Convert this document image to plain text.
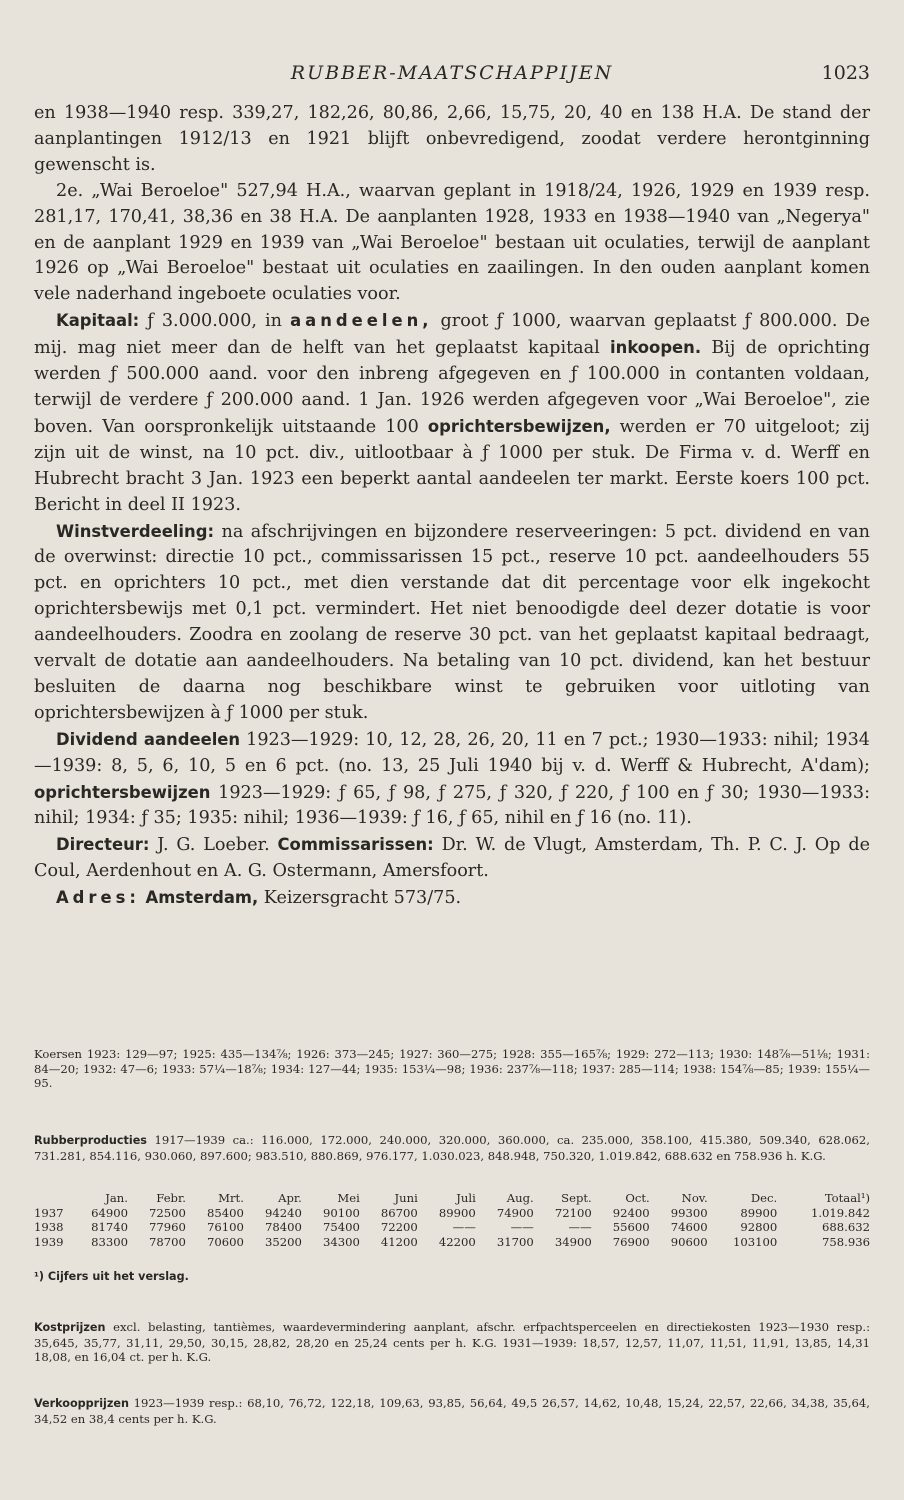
RUBBER-MAATSCHAPPIJEN	1023

en 1938—1940 resp. 339,27, 182,26, 80,86, 2,66, 15,75, 20, 40 en 138 H.A. De stand der aanplantingen 1912/13 en 1921 blijft onbevredigend, zoodat verdere herontginning gewenscht is.

2e. „Wai Beroeloe" 527,94 H.A., waarvan geplant in 1918/24, 1926, 1929 en 1939 resp. 281,17, 170,41, 38,36 en 38 H.A. De aanplanten 1928, 1933 en 1938—1940 van „Negerya" en de aanplant 1929 en 1939 van „Wai Beroeloe" bestaan uit oculaties, terwijl de aanplant 1926 op „Wai Beroeloe" bestaat uit oculaties en zaailingen. In den ouden aanplant komen vele naderhand ingeboete oculaties voor.

Kapitaal: ƒ 3.000.000, in aandeelen, groot ƒ 1000, waarvan geplaatst ƒ 800.000. De mij. mag niet meer dan de helft van het geplaatst kapitaal inkoopen. Bij de oprichting werden ƒ 500.000 aand. voor den inbreng afgegeven en ƒ 100.000 in contanten voldaan, terwijl de verdere ƒ 200.000 aand. 1 Jan. 1926 werden afgegeven voor „Wai Beroeloe", zie boven. Van oorspronkelijk uitstaande 100 oprichtersbewijzen, werden er 70 uitgeloot; zij zijn uit de winst, na 10 pct. div., uitlootbaar à ƒ 1000 per stuk. De Firma v. d. Werff en Hubrecht bracht 3 Jan. 1923 een beperkt aantal aandeelen ter markt. Eerste koers 100 pct. Bericht in deel II 1923.

Winstverdeeling: na afschrijvingen en bijzondere reserveeringen: 5 pct. dividend en van de overwinst: directie 10 pct., commissarissen 15 pct., reserve 10 pct. aandeelhouders 55 pct. en oprichters 10 pct., met dien verstande dat dit percentage voor elk ingekocht oprichtersbewijs met 0,1 pct. vermindert. Het niet benoodigde deel dezer dotatie is voor aandeelhouders. Zoodra en zoolang de reserve 30 pct. van het geplaatst kapitaal bedraagt, vervalt de dotatie aan aandeelhouders. Na betaling van 10 pct. dividend, kan het bestuur besluiten de daarna nog beschikbare winst te gebruiken voor uitloting van oprichtersbewijzen à ƒ 1000 per stuk.

Dividend aandeelen 1923—1929: 10, 12, 28, 26, 20, 11 en 7 pct.; 1930—1933: nihil; 1934—1939: 8, 5, 6, 10, 5 en 6 pct. (no. 13, 25 Juli 1940 bij v. d. Werff & Hubrecht, A'dam); oprichtersbewijzen 1923—1929: ƒ 65, ƒ 98, ƒ 275, ƒ 320, ƒ 220, ƒ 100 en ƒ 30; 1930—1933: nihil; 1934: ƒ 35; 1935: nihil; 1936—1939: ƒ 16, ƒ 65, nihil en ƒ 16 (no. 11).

Directeur: J. G. Loeber. Commissarissen: Dr. W. de Vlugt, Amsterdam, Th. P. C. J. Op de Coul, Aerdenhout en A. G. Ostermann, Amersfoort.

Adres: Amsterdam, Keizersgracht 573/75.

Koersen 1923: 129—97; 1925: 435—134⅞; 1926: 373—245; 1927: 360—275; 1928: 355—165⅞; 1929: 272—113; 1930: 148⅞—51⅛; 1931: 84—20; 1932: 47—6; 1933: 57¼—18⅞; 1934: 127—44; 1935: 153¼—98; 1936: 237⅞—118; 1937: 285—114; 1938: 154⅞—85; 1939: 155¼—95.

Rubberproducties 1917—1939 ca.: 116.000, 172.000, 240.000, 320.000, 360.000, ca. 235.000, 358.100, 415.380, 509.340, 628.062, 731.281, 854.116, 930.060, 897.600; 983.510, 880.869, 976.177, 1.030.023, 848.948, 750.320, 1.019.842, 688.632 en 758.936 h. K.G.

	Jan.	Febr.	Mrt.	Apr.	Mei	Juni	Juli	Aug.	Sept.	Oct.	Nov.	Dec.	Totaal¹)
1937	64900	72500	85400	94240	90100	86700	89900	74900	72100	92400	99300	89900	1.019.842
1938	81740	77960	76100	78400	75400	72200	——	——	——	55600	74600	92800	688.632
1939	83300	78700	70600	35200	34300	41200	42200	31700	34900	76900	90600	103100	758.936
¹) Cijfers uit het verslag.

Kostprijzen excl. belasting, tantièmes, waardevermindering aanplant, afschr. erfpachtsperceelen en directiekosten 1923—1930 resp.: 35,645, 35,77, 31,11, 29,50, 30,15, 28,82, 28,20 en 25,24 cents per h. K.G. 1931—1939: 18,57, 12,57, 11,07, 11,51, 11,91, 13,85, 14,31 18,08, en 16,04 ct. per h. K.G.

Verkoopprijzen 1923—1939 resp.: 68,10, 76,72, 122,18, 109,63, 93,85, 56,64, 49,5 26,57, 14,62, 10,48, 15,24, 22,57, 22,66, 34,38, 35,64, 34,52 en 38,4 cents per h. K.G.
